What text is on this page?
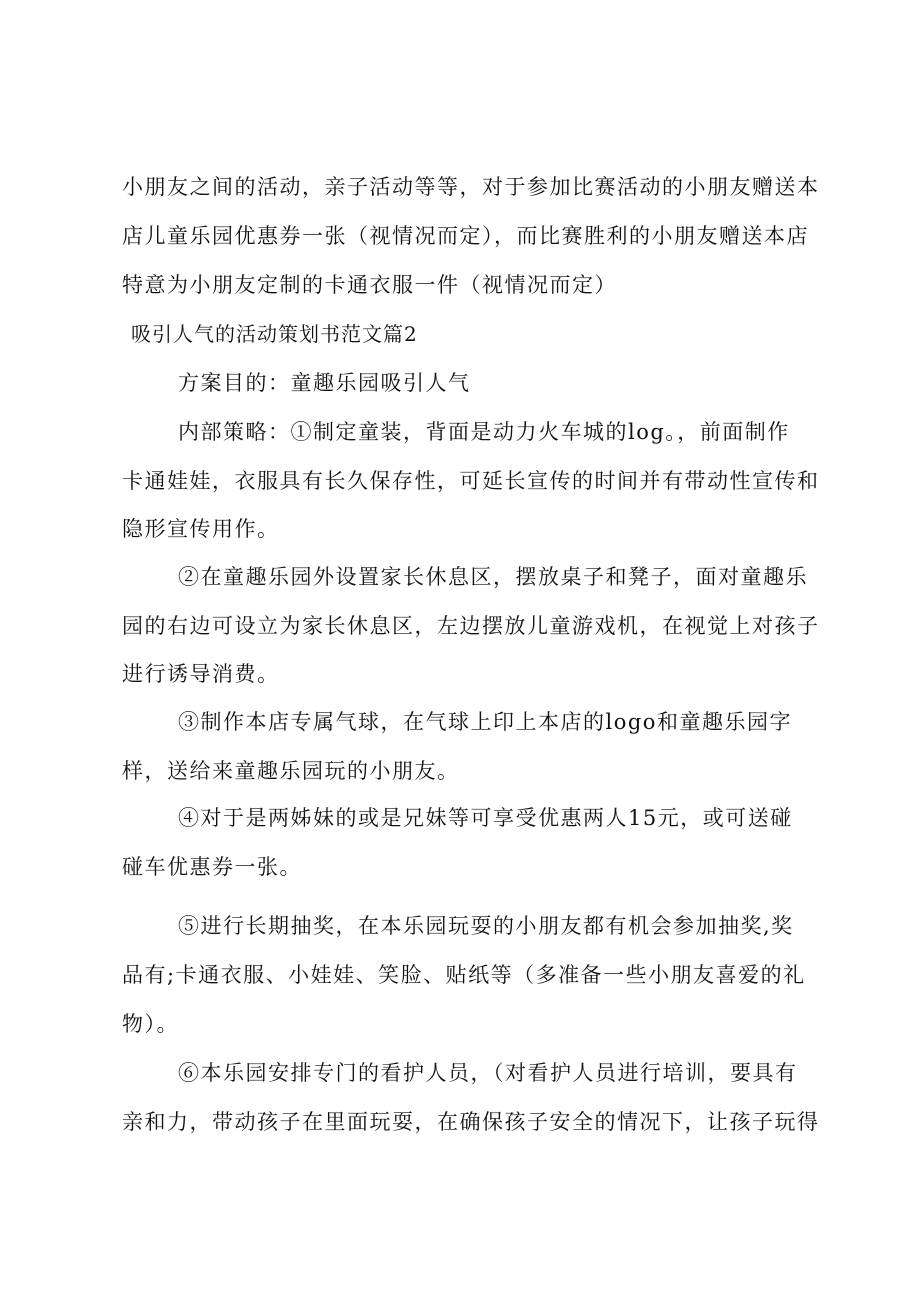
小朋友之间的活动，亲子活动等等，对于参加比赛活动的小朋友赠送本
店儿童乐园优惠券一张（视情况而定），而比赛胜利的小朋友赠送本店
特意为小朋友定制的卡通衣服一件（视情况而定）
吸引人气的活动策划书范文篇2
方案目的：童趣乐园吸引人气
内部策略：①制定童装，背面是动力火车城的log。，前面制作
卡通娃娃，衣服具有长久保存性，可延长宣传的时间并有带动性宣传和
隐形宣传用作。
②在童趣乐园外设置家长休息区，摆放桌子和凳子，面对童趣乐
园的右边可设立为家长休息区，左边摆放儿童游戏机，在视觉上对孩子
进行诱导消费。
③制作本店专属气球，在气球上印上本店的logo和童趣乐园字
样，送给来童趣乐园玩的小朋友。
④对于是两姊妹的或是兄妹等可享受优惠两人15元，或可送碰
碰车优惠券一张。
⑤进行长期抽奖，在本乐园玩耍的小朋友都有机会参加抽奖,奖
品有;卡通衣服、小娃娃、笑脸、贴纸等（多准备一些小朋友喜爱的礼
物）。
⑥本乐园安排专门的看护人员，（对看护人员进行培训，要具有
亲和力，带动孩子在里面玩耍，在确保孩子安全的情况下，让孩子玩得
